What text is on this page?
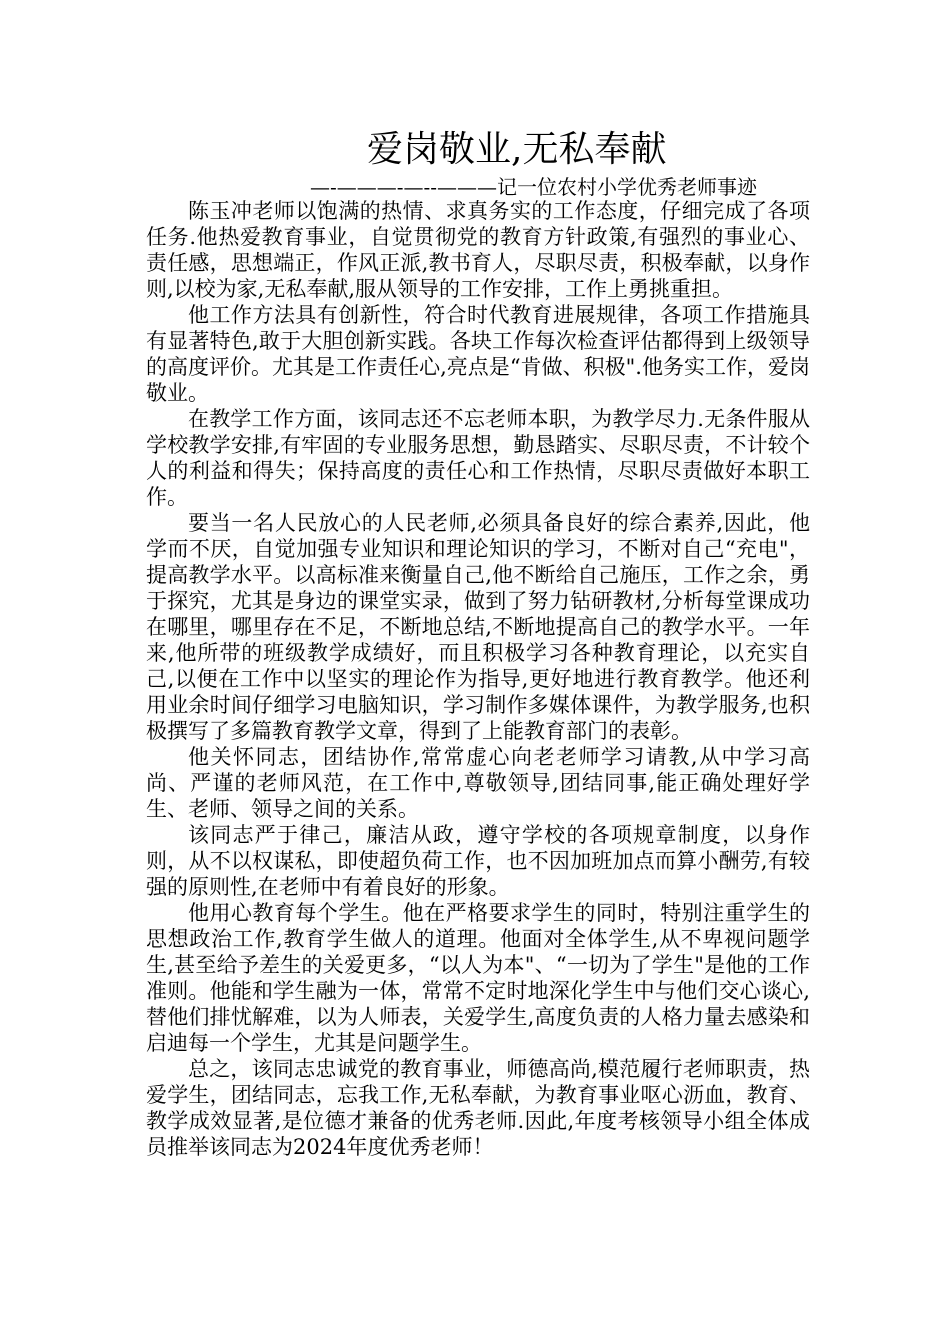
爱岗敬业,无私奉献
—-———-—--———记一位农村小学优秀老师事迹

陈玉冲老师以饱满的热情、求真务实的工作态度，仔细完成了各项任务.他热爱教育事业，自觉贯彻党的教育方针政策,有强烈的事业心、责任感，思想端正，作风正派,教书育人，尽职尽责，积极奉献，以身作则,以校为家,无私奉献,服从领导的工作安排，工作上勇挑重担。

他工作方法具有创新性，符合时代教育进展规律，各项工作措施具有显著特色,敢于大胆创新实践。各块工作每次检查评估都得到上级领导的高度评价。尤其是工作责任心,亮点是“肯做、积极".他务实工作，爱岗敬业。

在教学工作方面，该同志还不忘老师本职，为教学尽力.无条件服从学校教学安排,有牢固的专业服务思想，勤恳踏实、尽职尽责，不计较个人的利益和得失；保持高度的责任心和工作热情，尽职尽责做好本职工作。

要当一名人民放心的人民老师,必须具备良好的综合素养,因此，他学而不厌，自觉加强专业知识和理论知识的学习，不断对自己“充电"，提高教学水平。以高标准来衡量自己,他不断给自己施压，工作之余，勇于探究，尤其是身边的课堂实录，做到了努力钻研教材,分析每堂课成功在哪里，哪里存在不足，不断地总结,不断地提高自己的教学水平。一年来,他所带的班级教学成绩好，而且积极学习各种教育理论，以充实自己,以便在工作中以坚实的理论作为指导,更好地进行教育教学。他还利用业余时间仔细学习电脑知识，学习制作多媒体课件，为教学服务,也积极撰写了多篇教育教学文章，得到了上能教育部门的表彰。

他关怀同志，团结协作,常常虚心向老老师学习请教,从中学习高尚、严谨的老师风范，在工作中,尊敬领导,团结同事,能正确处理好学生、老师、领导之间的关系。

该同志严于律己，廉洁从政，遵守学校的各项规章制度，以身作则，从不以权谋私，即使超负荷工作，也不因加班加点而算小酬劳,有较强的原则性,在老师中有着良好的形象。

他用心教育每个学生。他在严格要求学生的同时，特别注重学生的思想政治工作,教育学生做人的道理。他面对全体学生,从不卑视问题学生,甚至给予差生的关爱更多，“以人为本"、“一切为了学生"是他的工作准则。他能和学生融为一体，常常不定时地深化学生中与他们交心谈心,替他们排忧解难，以为人师表，关爱学生,高度负责的人格力量去感染和启迪每一个学生，尤其是问题学生。

总之，该同志忠诚党的教育事业，师德高尚,模范履行老师职责，热爱学生，团结同志，忘我工作,无私奉献，为教育事业呕心沥血，教育、教学成效显著,是位德才兼备的优秀老师.因此,年度考核领导小组全体成员推举该同志为2024年度优秀老师！
